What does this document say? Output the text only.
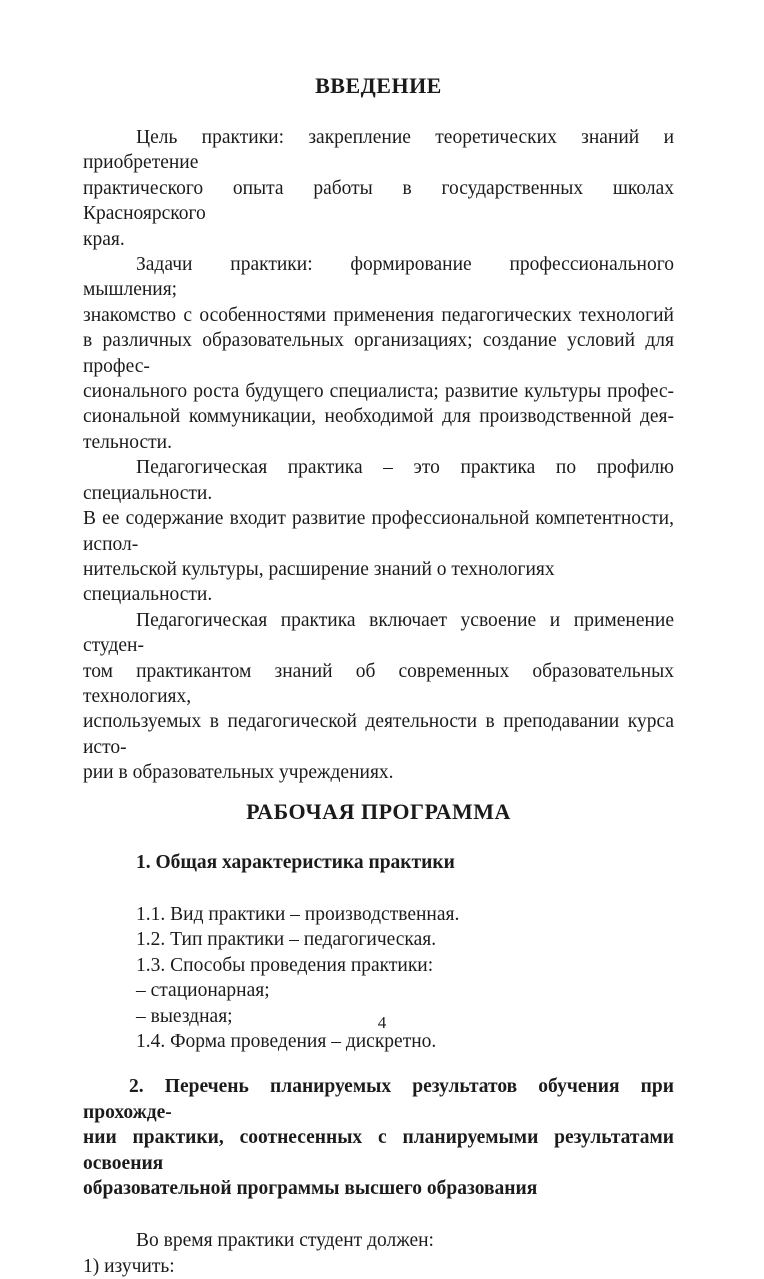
ВВЕДЕНИЕ
Цель практики: закрепление теоретических знаний и приобретение
практического опыта работы в государственных школах Красноярского
края.
Задачи практики: формирование профессионального мышления;
знакомство с особенностями применения педагогических технологий
в различных образовательных организациях; создание условий для профес-
сионального роста будущего специалиста; развитие культуры профес-
сиональной коммуникации, необходимой для производственной дея-
тельности.
Педагогическая практика – это практика по профилю специальности.
В ее содержание входит развитие профессиональной компетентности, испол-
нительской культуры, расширение знаний о технологиях специальности.
Педагогическая практика включает усвоение и применение студен-
том практикантом знаний об современных образовательных технологиях,
используемых в педагогической деятельности в преподавании курса исто-
рии в образовательных учреждениях.
РАБОЧАЯ ПРОГРАММА
1. Общая характеристика практики
1.1. Вид практики – производственная.
1.2. Тип практики – педагогическая.
1.3. Способы проведения практики:
– стационарная;
– выездная;
1.4. Форма проведения – дискретно.
2. Перечень планируемых результатов обучения при прохожде-
нии практики, соотнесенных с планируемыми результатами освоения
образовательной программы высшего образования
Во время практики студент должен:
1) изучить:
4
